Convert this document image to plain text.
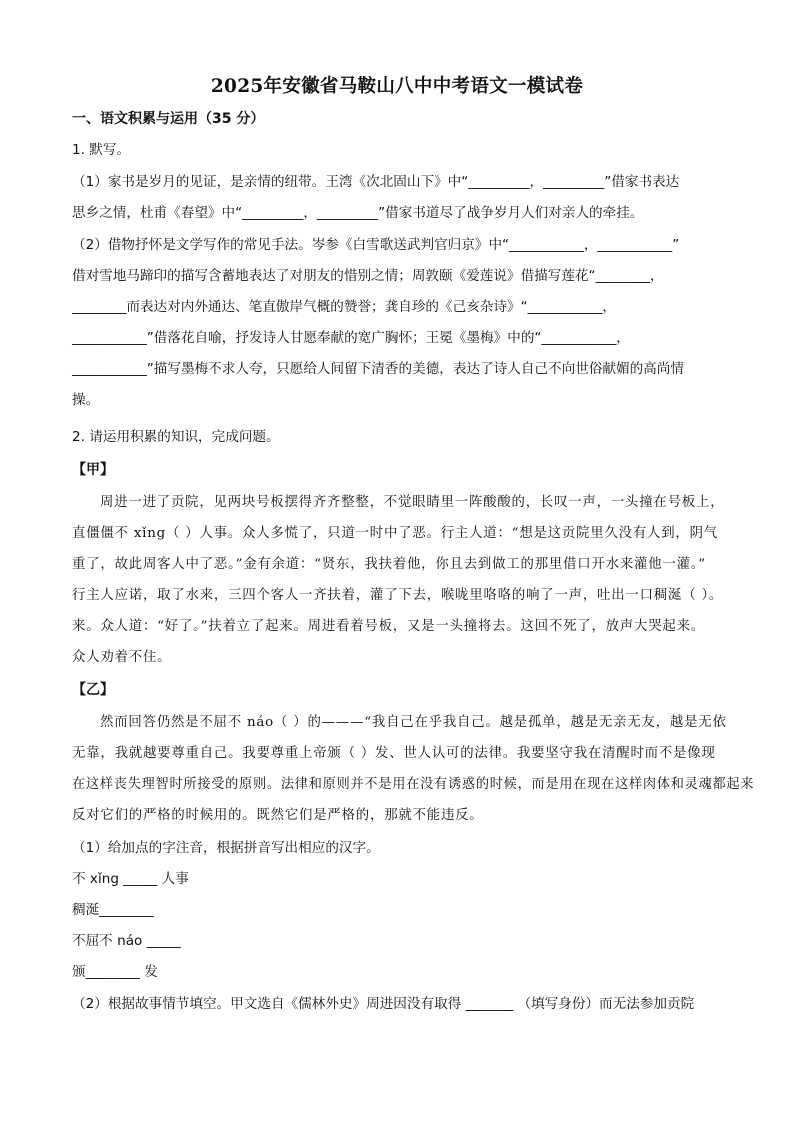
2025年安徽省马鞍山八中中考语文一模试卷
一、语文积累与运用（35 分）
1. 默写。
（1）家书是岁月的见证，是亲情的纽带。王湾《次北固山下》中“_________，_________”借家书表达
思乡之情，杜甫《春望》中“_________，_________”借家书道尽了战争岁月人们对亲人的牵挂。
（2）借物抒怀是文学写作的常见手法。岑参《白雪歌送武判官归京》中“___________，___________”
借对雪地马蹄印的描写含蓄地表达了对朋友的惜别之情；周敦颐《爱莲说》借描写莲花“________，
________而表达对内外通达、笔直傲岸气概的赞誉；龚自珍的《己亥杂诗》“___________，
___________”借落花自喻，抒发诗人甘愿奉献的宽广胸怀；王冕《墨梅》中的“___________，
___________”描写墨梅不求人夸，只愿给人间留下清香的美德，表达了诗人自己不向世俗献媚的高尚情
操。
2. 请运用积累的知识，完成问题。
【甲】
周进一进了贡院，见两块号板摆得齐齐整整，不觉眼睛里一阵酸酸的，长叹一声，一头撞在号板上，
直僵僵不 xǐng（ ）人事。众人多慌了，只道一时中了恶。行主人道：“想是这贡院里久没有人到，阴气
重了，故此周客人中了恶。”金有余道：“贤东，我扶着他，你且去到做工的那里借口开水来灌他一灌。”
行主人应诺，取了水来，三四个客人一齐扶着，灌了下去，喉咙里咯咯的响了一声，吐出一口稠涎（ ）。
来。众人道：“好了。”扶着立了起来。周进看着号板，又是一头撞将去。这回不死了，放声大哭起来。
众人劝着不住。
【乙】
然而回答仍然是不屈不 náo（ ）的———“我自己在乎我自己。越是孤单，越是无亲无友，越是无依
无靠，我就越要尊重自己。我要尊重上帝颁（ ）发、世人认可的法律。我要坚守我在清醒时而不是像现
在这样丧失理智时所接受的原则。法律和原则并不是用在没有诱惑的时候，而是用在现在这样肉体和灵魂都起来
反对它们的严格的时候用的。既然它们是严格的，那就不能违反。
（1）给加点的字注音，根据拼音写出相应的汉字。
不 xǐng _____ 人事
稠涎________
不屈不 náo _____
颁________ 发
（2）根据故事情节填空。甲文选自《儒林外史》周进因没有取得 _______ （填写身份）而无法参加贡院
